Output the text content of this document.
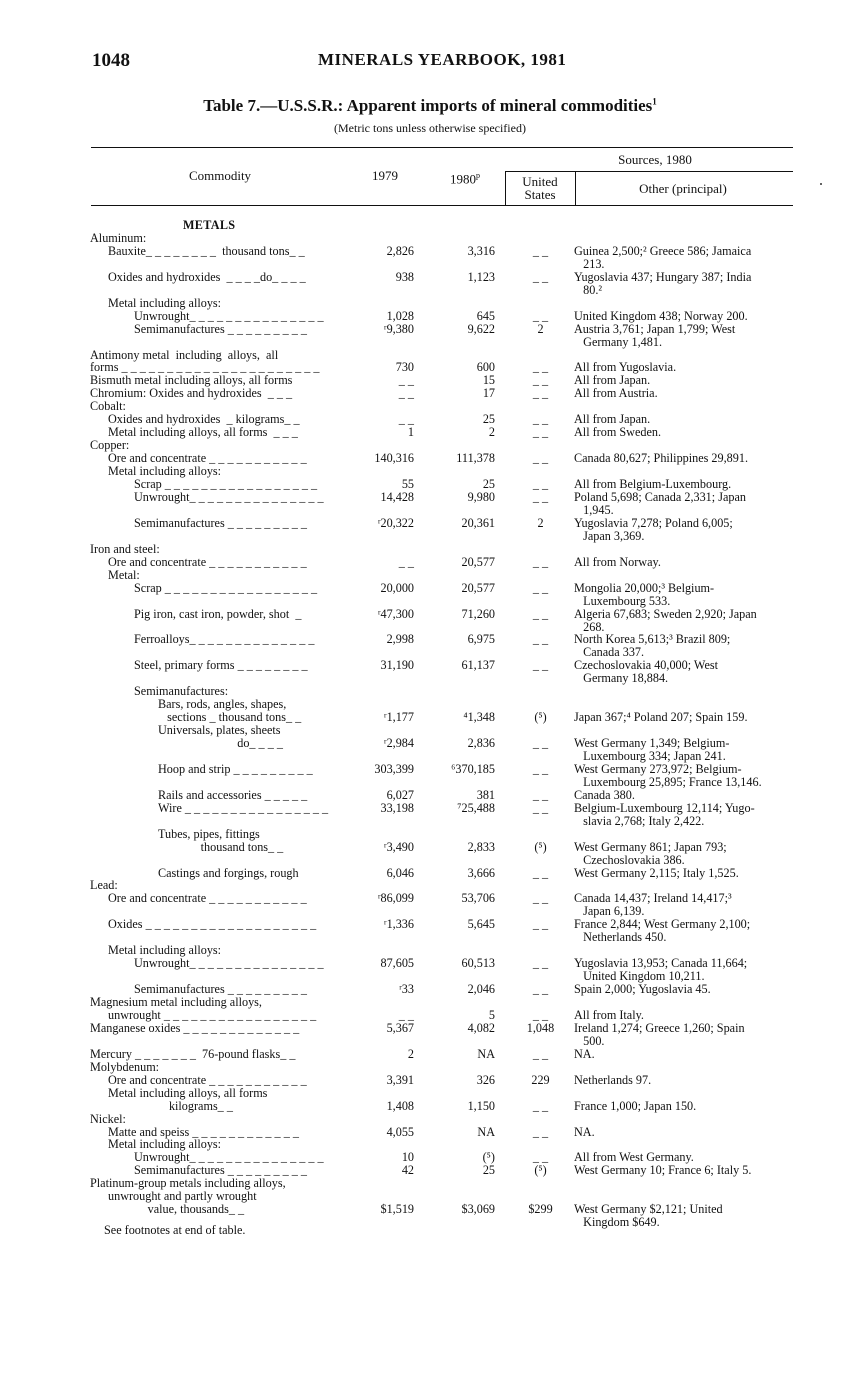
1048	MINERALS YEARBOOK, 1981
Table 7.—U.S.S.R.: Apparent imports of mineral commodities$^1$
(Metric tons unless otherwise specified)
Commodity	1979	1980$^p$
Sources, 1980
United
States	Other (principal)
METALS
Aluminum:
Bauxite_ _ _ _ _ _ _ _  thousand tons_ _	2,826	3,316	_ _	Guinea 2,500;² Greece 586; Jamaica
213.
Oxides and hydroxides  _ _ _ _do_ _ _ _	938	1,123	_ _	Yugoslavia 437; Hungary 387; India
80.²
Metal including alloys:
Unwrought_ _ _ _ _ _ _ _ _ _ _ _ _ _ _	1,028	645	_ _	United Kingdom 438; Norway 200.
Semimanufactures _ _ _ _ _ _ _ _ _	ʳ9,380	9,622	2	Austria 3,761; Japan 1,799; West
Germany 1,481.
Antimony metal  including  alloys,  all
forms _ _ _ _ _ _ _ _ _ _ _ _ _ _ _ _ _ _ _ _ _ _	730	600	_ _	All from Yugoslavia.
Bismuth metal including alloys, all forms	_ _	15	_ _	All from Japan.
Chromium: Oxides and hydroxides  _ _ _	_ _	17	_ _	All from Austria.
Cobalt:
Oxides and hydroxides  _ kilograms_ _	_ _	25	_ _	All from Japan.
Metal including alloys, all forms  _ _ _	1	2	_ _	All from Sweden.
Copper:
Ore and concentrate _ _ _ _ _ _ _ _ _ _ _	140,316	111,378	_ _	Canada 80,627; Philippines 29,891.
Metal including alloys:
Scrap _ _ _ _ _ _ _ _ _ _ _ _ _ _ _ _ _	55	25	_ _	All from Belgium-Luxembourg.
Unwrought_ _ _ _ _ _ _ _ _ _ _ _ _ _ _	14,428	9,980	_ _	Poland 5,698; Canada 2,331; Japan
1,945.
Semimanufactures _ _ _ _ _ _ _ _ _	ʳ20,322	20,361	2	Yugoslavia 7,278; Poland 6,005;
Japan 3,369.
Iron and steel:
Ore and concentrate _ _ _ _ _ _ _ _ _ _ _	_ _	20,577	_ _	All from Norway.
Metal:
Scrap _ _ _ _ _ _ _ _ _ _ _ _ _ _ _ _ _	20,000	20,577	_ _	Mongolia 20,000;³ Belgium-
Luxembourg 533.
Pig iron, cast iron, powder, shot  _	ʳ47,300	71,260	_ _	Algeria 67,683; Sweden 2,920; Japan
268.
Ferroalloys_ _ _ _ _ _ _ _ _ _ _ _ _ _	2,998	6,975	_ _	North Korea 5,613;³ Brazil 809;
Canada 337.
Steel, primary forms _ _ _ _ _ _ _ _	31,190	61,137	_ _	Czechoslovakia 40,000; West
Germany 18,884.
Semimanufactures:
Bars, rods, angles, shapes,
sections _ thousand tons_ _	ʳ1,177	⁴1,348	(⁵)	Japan 367;⁴ Poland 207; Spain 159.
Universals, plates, sheets
do_ _ _ _	ʳ2,984	2,836	_ _	West Germany 1,349; Belgium-
Luxembourg 334; Japan 241.
Hoop and strip _ _ _ _ _ _ _ _ _	303,399	⁶370,185	_ _	West Germany 273,972; Belgium-
Luxembourg 25,895; France 13,146.
Rails and accessories _ _ _ _ _	6,027	381	_ _	Canada 380.
Wire _ _ _ _ _ _ _ _ _ _ _ _ _ _ _ _	33,198	⁷25,488	_ _	Belgium-Luxembourg 12,114; Yugo-
slavia 2,768; Italy 2,422.
Tubes, pipes, fittings
thousand tons_ _	ʳ3,490	2,833	(⁵)	West Germany 861; Japan 793;
Czechoslovakia 386.
Castings and forgings, rough	6,046	3,666	_ _	West Germany 2,115; Italy 1,525.
Lead:
Ore and concentrate _ _ _ _ _ _ _ _ _ _ _	ʳ86,099	53,706	_ _	Canada 14,437; Ireland 14,417;³
Japan 6,139.
Oxides _ _ _ _ _ _ _ _ _ _ _ _ _ _ _ _ _ _ _	ʳ1,336	5,645	_ _	France 2,844; West Germany 2,100;
Netherlands 450.
Metal including alloys:
Unwrought_ _ _ _ _ _ _ _ _ _ _ _ _ _ _	87,605	60,513	_ _	Yugoslavia 13,953; Canada 11,664;
United Kingdom 10,211.
Semimanufactures _ _ _ _ _ _ _ _ _	ʳ33	2,046	_ _	Spain 2,000; Yugoslavia 45.
Magnesium metal including alloys,
unwrought _ _ _ _ _ _ _ _ _ _ _ _ _ _ _ _ _	_ _	5	_ _	All from Italy.
Manganese oxides _ _ _ _ _ _ _ _ _ _ _ _ _	5,367	4,082	1,048	Ireland 1,274; Greece 1,260; Spain
500.
Mercury _ _ _ _ _ _ _  76-pound flasks_ _	2	NA	_ _	NA.
Molybdenum:
Ore and concentrate _ _ _ _ _ _ _ _ _ _ _	3,391	326	229	Netherlands 97.
Metal including alloys, all forms
kilograms_ _	1,408	1,150	_ _	France 1,000; Japan 150.
Nickel:
Matte and speiss _ _ _ _ _ _ _ _ _ _ _ _	4,055	NA	_ _	NA.
Metal including alloys:
Unwrought_ _ _ _ _ _ _ _ _ _ _ _ _ _ _	10	(⁵)	_ _	All from West Germany.
Semimanufactures _ _ _ _ _ _ _ _ _	42	25	(⁵)	West Germany 10; France 6; Italy 5.
Platinum-group metals including alloys,
unwrought and partly wrought
value, thousands_ _	$1,519	$3,069	$299	West Germany $2,121; United
Kingdom $649.
See footnotes at end of table.
